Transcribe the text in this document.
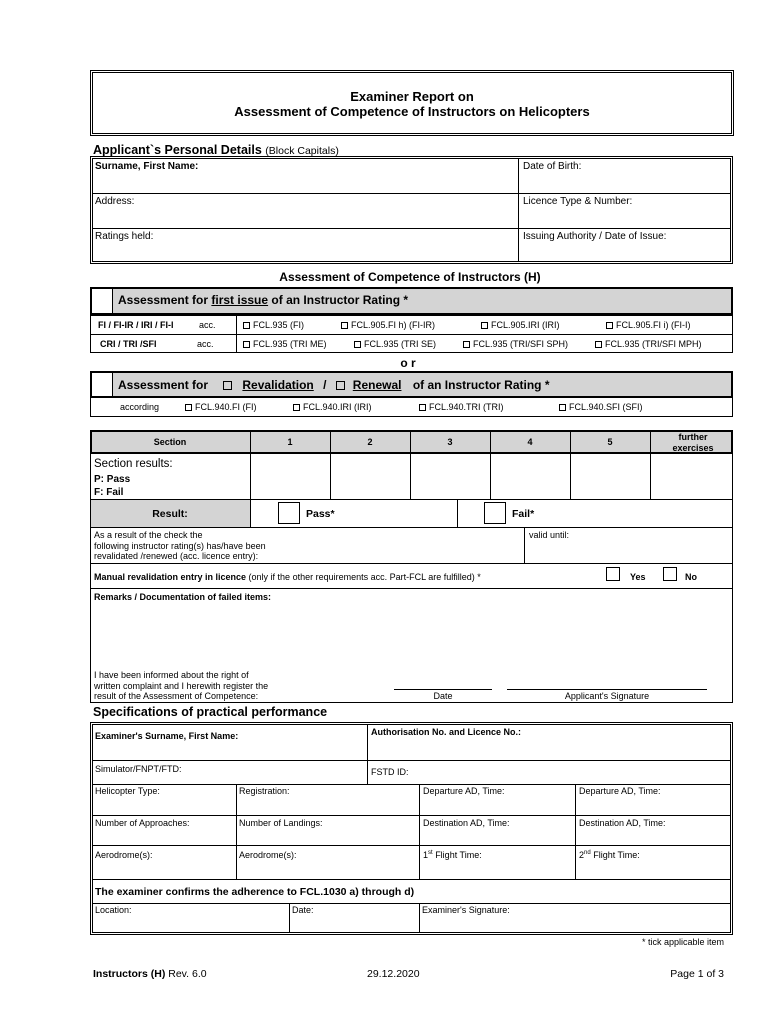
Examiner Report on
Assessment of Competence of Instructors on Helicopters
Applicant`s Personal Details (Block Capitals)
Surname, First Name:	Date of Birth:
Address:	Licence Type & Number:
Ratings held:	Issuing Authority / Date of Issue:
Assessment of Competence of Instructors (H)
Assessment for first issue of an Instructor Rating *
FI / FI-IR / IRI / FI-I	acc.	FCL.935 (FI)	FCL.905.FI h) (FI-IR)	FCL.905.IRI (IRI)	FCL.905.FI i) (FI-I)
CRI / TRI /SFI	acc.	FCL.935 (TRI ME)	FCL.935 (TRI SE)	FCL.935 (TRI/SFI SPH)	FCL.935 (TRI/SFI MPH)
o r
Assessment for	Revalidation / Renewal of an Instructor Rating *
according	FCL.940.FI (FI)	FCL.940.IRI (IRI)	FCL.940.TRI (TRI)	FCL.940.SFI (SFI)
Section	1	2	3	4	5	further exercises
Section results:
P: Pass
F: Fail
Result:	Pass*	Fail*
As a result of the check the
following instructor rating(s) has/have been
revalidated /renewed (acc. licence entry):
valid until:
Manual revalidation entry in licence (only if the other requirements acc. Part-FCL are fulfilled) *	Yes	No
Remarks / Documentation of failed items:
I have been informed about the right of
written complaint and I herewith register the
result of the Assessment of Competence:	Date	Applicant's Signature
Specifications of practical performance
Examiner's Surname, First Name:	Authorisation No. and Licence No.:
Simulator/FNPT/FTD:	FSTD ID:
Helicopter Type:	Registration:	Departure AD, Time:	Departure AD, Time:
Number of Approaches:	Number of Landings:	Destination AD, Time:	Destination AD, Time:
Aerodrome(s):	Aerodrome(s):	1st Flight Time:	2nd Flight Time:
The examiner confirms the adherence to FCL.1030 a) through d)
Location:	Date:	Examiner's Signature:
* tick applicable item
Instructors (H) Rev. 6.0	29.12.2020	Page 1 of 3
